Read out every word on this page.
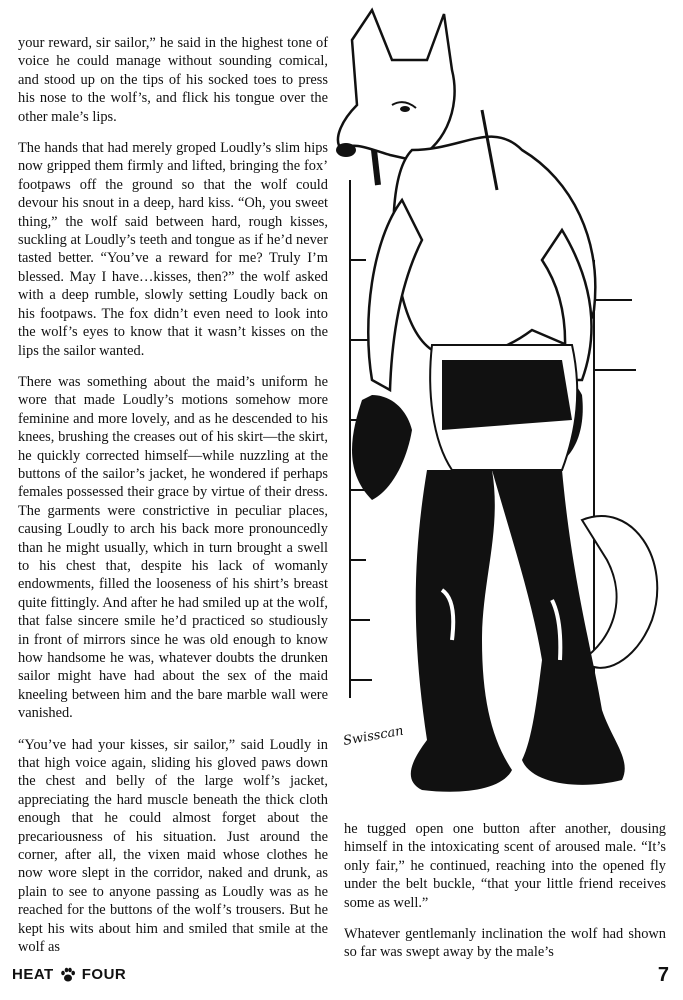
your reward, sir sailor,” he said in the highest tone of voice he could manage without sounding comical, and stood up on the tips of his socked toes to press his nose to the wolf’s, and flick his tongue over the other male’s lips.

The hands that had merely groped Loudly’s slim hips now gripped them firmly and lifted, bringing the fox’ footpaws off the ground so that the wolf could devour his snout in a deep, hard kiss. “Oh, you sweet thing,” the wolf said between hard, rough kisses, suckling at Loudly’s teeth and tongue as if he’d never tasted better. “You’ve a reward for me? Truly I’m blessed. May I have…kisses, then?” the wolf asked with a deep rumble, slowly setting Loudly back on his footpaws. The fox didn’t even need to look into the wolf’s eyes to know that it wasn’t kisses on the lips the sailor wanted.

There was something about the maid’s uniform he wore that made Loudly’s motions somehow more feminine and more lovely, and as he descended to his knees, brushing the creases out of his skirt—the skirt, he quickly corrected himself—while nuzzling at the buttons of the sailor’s jacket, he wondered if perhaps females possessed their grace by virtue of their dress. The garments were constrictive in peculiar places, causing Loudly to arch his back more pronouncedly than he might usually, which in turn brought a swell to his chest that, despite his lack of womanly endowments, filled the looseness of his shirt’s breast quite fittingly. And after he had smiled up at the wolf, that false sincere smile he’d practiced so studiously in front of mirrors since he was old enough to know how handsome he was, whatever doubts the drunken sailor might have had about the sex of the maid kneeling between him and the bare marble wall were vanished.

“You’ve had your kisses, sir sailor,” said Loudly in that high voice again, sliding his gloved paws down the chest and belly of the large wolf’s jacket, appreciating the hard muscle beneath the thick cloth enough that he could almost forget about the precariousness of his situation. Just around the corner, after all, the vixen maid whose clothes he now wore slept in the corridor, naked and drunk, as plain to see to anyone passing as Loudly was as he reached for the buttons of the wolf’s trousers. But he kept his wits about him and smiled that smile at the wolf as

Swisscan

he tugged open one button after another, dousing himself in the intoxicating scent of aroused male. “It’s only fair,” he continued, reaching into the opened fly under the belt buckle, “that your little friend receives some as well.”

Whatever gentlemanly inclination the wolf had shown so far was swept away by the male’s

HEAT FOUR	7
